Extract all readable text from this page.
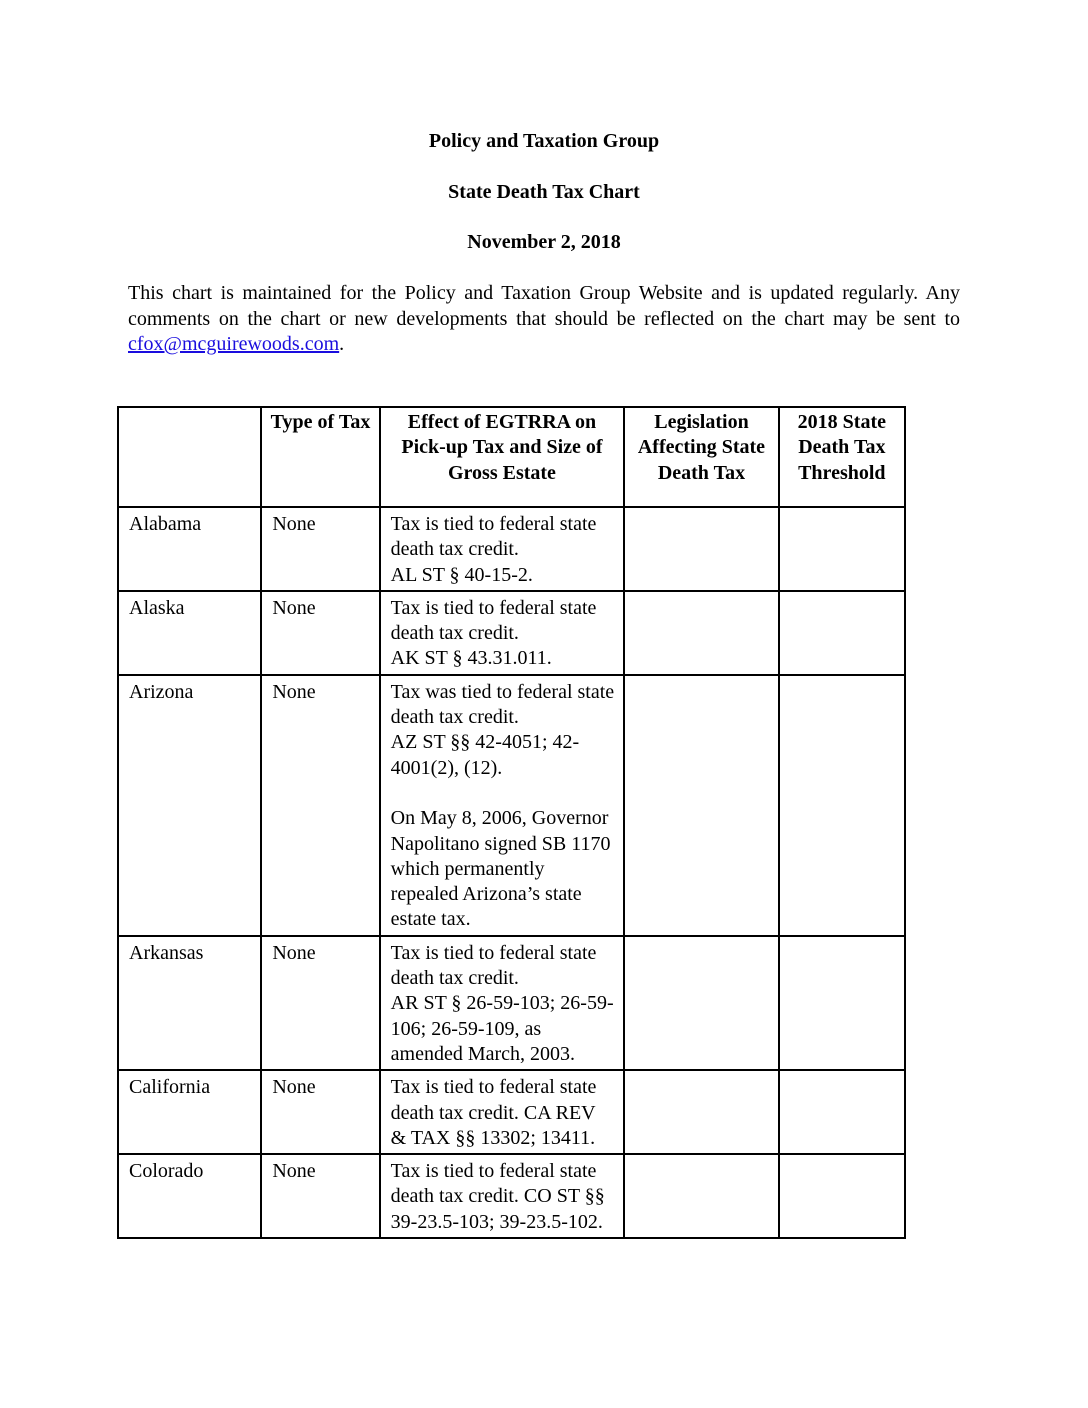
Policy and Taxation Group
State Death Tax Chart
November 2, 2018
This chart is maintained for the Policy and Taxation Group Website and is updated regularly. Any comments on the chart or new developments that should be reflected on the chart may be sent to cfox@mcguirewoods.com.
	Type of Tax	Effect of EGTRRA on Pick-up Tax and Size of Gross Estate	Legislation Affecting State Death Tax	2018 State Death Tax Threshold
Alabama	None	Tax is tied to federal state death tax credit.
AL ST § 40-15-2.		
Alaska	None	Tax is tied to federal state death tax credit.
AK ST § 43.31.011.		
Arizona	None	Tax was tied to federal state death tax credit.
AZ ST §§ 42-4051; 42-4001(2), (12).

On May 8, 2006, Governor Napolitano signed SB 1170 which permanently repealed Arizona’s state estate tax.		
Arkansas	None	Tax is tied to federal state death tax credit.
AR ST § 26-59-103; 26-59-106; 26-59-109, as amended March, 2003.		
California	None	Tax is tied to federal state death tax credit. CA REV & TAX §§ 13302; 13411.		
Colorado	None	Tax is tied to federal state death tax credit. CO ST §§ 39-23.5-103; 39-23.5-102.		
